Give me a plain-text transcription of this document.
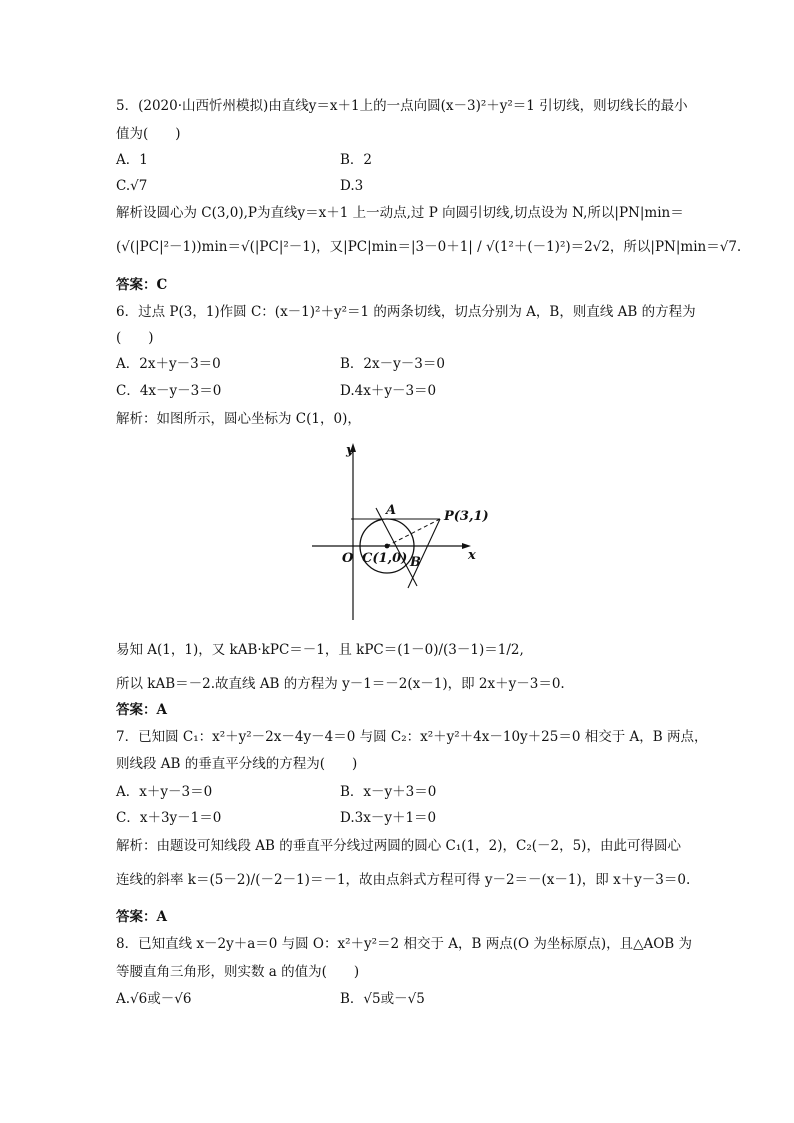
5．(2020·山西忻州模拟)由直线y＝x＋1上的一点向圆(x－3)²＋y²＝1 引切线，则切线长的最小
值为(　　)
A．1	B．2
C.√7	D.3
解析设圆心为 C(3,0),P为直线y＝x＋1 上一动点,过 P 向圆引切线,切点设为 N,所以|PN|min＝
(√(|PC|²－1))min＝√(|PC|²－1)，又|PC|min＝|3－0＋1| / √(1²＋(－1)²)＝2√2，所以|PN|min＝√7.
答案：C
6．过点 P(3，1)作圆 C：(x－1)²＋y²＝1 的两条切线，切点分别为 A，B，则直线 AB 的方程为
(　　)
A．2x＋y－3＝0	B．2x－y－3＝0
C．4x－y－3＝0	D.4x＋y－3＝0
解析：如图所示，圆心坐标为 C(1，0)，
y
x
O C(1,0)
A
B
P(3,1)
易知 A(1，1)，又 kAB·kPC＝－1，且 kPC＝(1－0)/(3－1)＝1/2,
所以 kAB＝－2.故直线 AB 的方程为 y－1＝－2(x－1)，即 2x＋y－3＝0.
答案：A
7．已知圆 C₁：x²＋y²－2x－4y－4＝0 与圆 C₂：x²＋y²＋4x－10y＋25＝0 相交于 A，B 两点，
则线段 AB 的垂直平分线的方程为(　　)
A．x＋y－3＝0	B．x－y＋3＝0
C．x＋3y－1＝0	D.3x－y＋1＝0
解析：由题设可知线段 AB 的垂直平分线过两圆的圆心 C₁(1，2)，C₂(－2，5)，由此可得圆心
连线的斜率 k＝(5－2)/(－2－1)＝－1，故由点斜式方程可得 y－2＝－(x－1)，即 x＋y－3＝0.
答案：A
8．已知直线 x－2y＋a＝0 与圆 O：x²＋y²＝2 相交于 A，B 两点(O 为坐标原点)，且△AOB 为
等腰直角三角形，则实数 a 的值为(　　)
A.√6或－√6	B．√5或－√5
